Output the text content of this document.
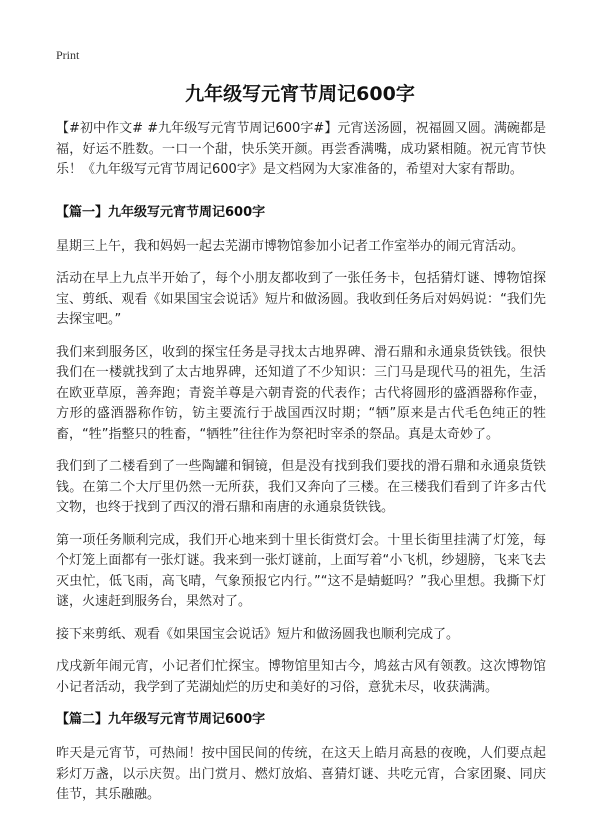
Print
九年级写元宵节周记600字

【#初中作文# #九年级写元宵节周记600字#】元宵送汤圆，祝福圆又圆。满碗都是福，好运不胜数。一口一个甜，快乐笑开颜。再尝香满嘴，成功紧相随。祝元宵节快乐！《九年级写元宵节周记600字》是文档网为大家准备的，希望对大家有帮助。

【篇一】九年级写元宵节周记600字

星期三上午，我和妈妈一起去芜湖市博物馆参加小记者工作室举办的闹元宵活动。

活动在早上九点半开始了，每个小朋友都收到了一张任务卡，包括猜灯谜、博物馆探宝、剪纸、观看《如果国宝会说话》短片和做汤圆。我收到任务后对妈妈说：“我们先去探宝吧。”

我们来到服务区，收到的探宝任务是寻找太古地界碑、滑石鼎和永通泉货铁钱。很快我们在一楼就找到了太古地界碑，还知道了不少知识：三门马是现代马的祖先，生活在欧亚草原，善奔跑；青瓷羊尊是六朝青瓷的代表作；古代将圆形的盛酒器称作壶，方形的盛酒器称作钫，钫主要流行于战国西汉时期；“牺”原来是古代毛色纯正的牲畜，“牲”指整只的牲畜，“牺牲”往往作为祭祀时宰杀的祭品。真是太奇妙了。

我们到了二楼看到了一些陶罐和铜镜，但是没有找到我们要找的滑石鼎和永通泉货铁钱。在第二个大厅里仍然一无所获，我们又奔向了三楼。在三楼我们看到了许多古代文物，也终于找到了西汉的滑石鼎和南唐的永通泉货铁钱。

第一项任务顺利完成，我们开心地来到十里长街赏灯会。十里长街里挂满了灯笼，每个灯笼上面都有一张灯谜。我来到一张灯谜前，上面写着“小飞机，纱翅膀，飞来飞去灭虫忙，低飞雨，高飞晴，气象预报它内行。”“这不是蜻蜓吗？”我心里想。我撕下灯谜，火速赶到服务台，果然对了。

接下来剪纸、观看《如果国宝会说话》短片和做汤圆我也顺利完成了。

戊戌新年闹元宵，小记者们忙探宝。博物馆里知古今，鸠兹古风有领教。这次博物馆小记者活动，我学到了芜湖灿烂的历史和美好的习俗，意犹未尽，收获满满。

【篇二】九年级写元宵节周记600字

昨天是元宵节，可热闹！按中国民间的传统，在这天上皓月高悬的夜晚，人们要点起彩灯万盏，以示庆贺。出门赏月、燃灯放焰、喜猜灯谜、共吃元宵，合家团聚、同庆佳节，其乐融融。
